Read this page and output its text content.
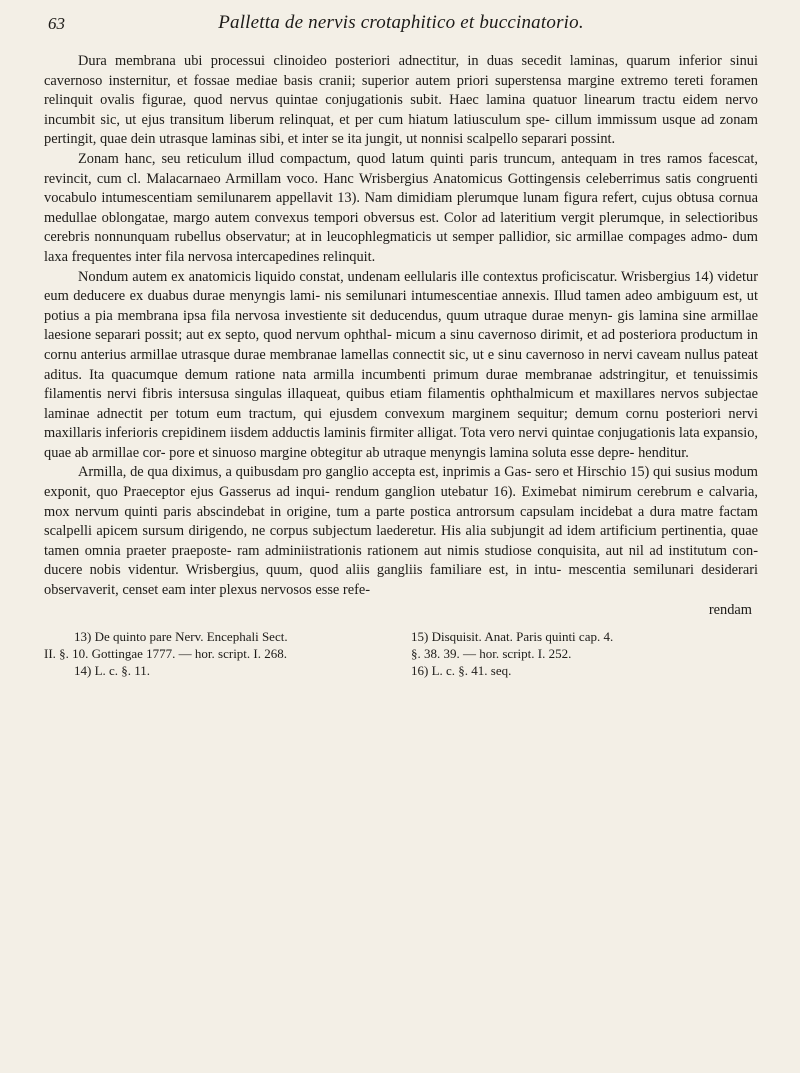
63	Palletta de nervis crotaphitico et buccinatorio.

Dura membrana ubi processui clinoideo posteriori adnectitur, in duas secedit laminas, quarum inferior sinui cavernoso insternitur, et fossae mediae basis cranii; superior autem priori superstensa margine extremo tereti foramen relinquit ovalis figurae, quod nervus quintae conjugationis subit. Haec lamina quatuor linearum tractu eidem nervo incumbit sic, ut ejus transitum liberum relinquat, et per cum hiatum latiusculum spe- cillum immissum usque ad zonam pertingit, quae dein utrasque laminas sibi, et inter se ita jungit, ut nonnisi scalpello separari possint.

Zonam hanc, seu reticulum illud compactum, quod latum quinti paris truncum, antequam in tres ramos facescat, revincit, cum cl. Malacarnaeo Armillam voco. Hanc Wrisbergius Anatomicus Gottingensis celeberrimus satis congruenti vocabulo intumescentiam semilunarem appellavit 13). Nam dimidiam plerumque lunam figura refert, cujus obtusa cornua medullae oblongatae, margo autem convexus tempori obversus est. Color ad lateritium vergit plerumque, in selectioribus cerebris nonnunquam rubellus observatur; at in leucophlegmaticis ut semper pallidior, sic armillae compages admo- dum laxa frequentes inter fila nervosa intercapedines relinquit.

Nondum autem ex anatomicis liquido constat, undenam eellularis ille contextus proficiscatur. Wrisbergius 14) videtur eum deducere ex duabus durae menyngis lami- nis semilunari intumescentiae annexis. Illud tamen adeo ambiguum est, ut potius a pia membrana ipsa fila nervosa investiente sit deducendus, quum utraque durae menyn- gis lamina sine armillae laesione separari possit; aut ex septo, quod nervum ophthal- micum a sinu cavernoso dirimit, et ad posteriora productum in cornu anterius armillae utrasque durae membranae lamellas connectit sic, ut e sinu cavernoso in nervi caveam nullus pateat aditus. Ita quacumque demum ratione nata armilla incumbenti primum durae membranae adstringitur, et tenuissimis filamentis nervi fibris intersusa singulas illaqueat, quibus etiam filamentis ophthalmicum et maxillares nervos subjectae laminae adnectit per totum eum tractum, qui ejusdem convexum marginem sequitur; demum cornu posteriori nervi maxillaris inferioris crepidinem iisdem adductis laminis firmiter alligat. Tota vero nervi quintae conjugationis lata expansio, quae ab armillae cor- pore et sinuoso margine obtegitur ab utraque menyngis lamina soluta esse depre- henditur.

Armilla, de qua diximus, a quibusdam pro ganglio accepta est, inprimis a Gas- sero et Hirschio 15) qui susius modum exponit, quo Praeceptor ejus Gasserus ad inqui- rendum ganglion utebatur 16). Eximebat nimirum cerebrum e calvaria, mox nervum quinti paris abscindebat in origine, tum a parte postica antrorsum capsulam incidebat a dura matre factam scalpelli apicem sursum dirigendo, ne corpus subjectum laederetur. His alia subjungit ad idem artificium pertinentia, quae tamen omnia praeter praeposte- ram adminiistrationis rationem aut nimis studiose conquisita, aut nil ad institutum con- ducere nobis videntur. Wrisbergius, quum, quod aliis gangliis familiare est, in intu- mescentia semilunari desiderari observaverit, censet eam inter plexus nervosos esse refe-

rendam
13) De quinto pare Nerv. Encephali Sect.	15) Disquisit. Anat. Paris quinti cap. 4.
II. §. 10. Gottingae 1777. — hor. script. I. 268.	§. 38. 39. — hor. script. I. 252.
14) L. c. §. 11.	16) L. c. §. 41. seq.
